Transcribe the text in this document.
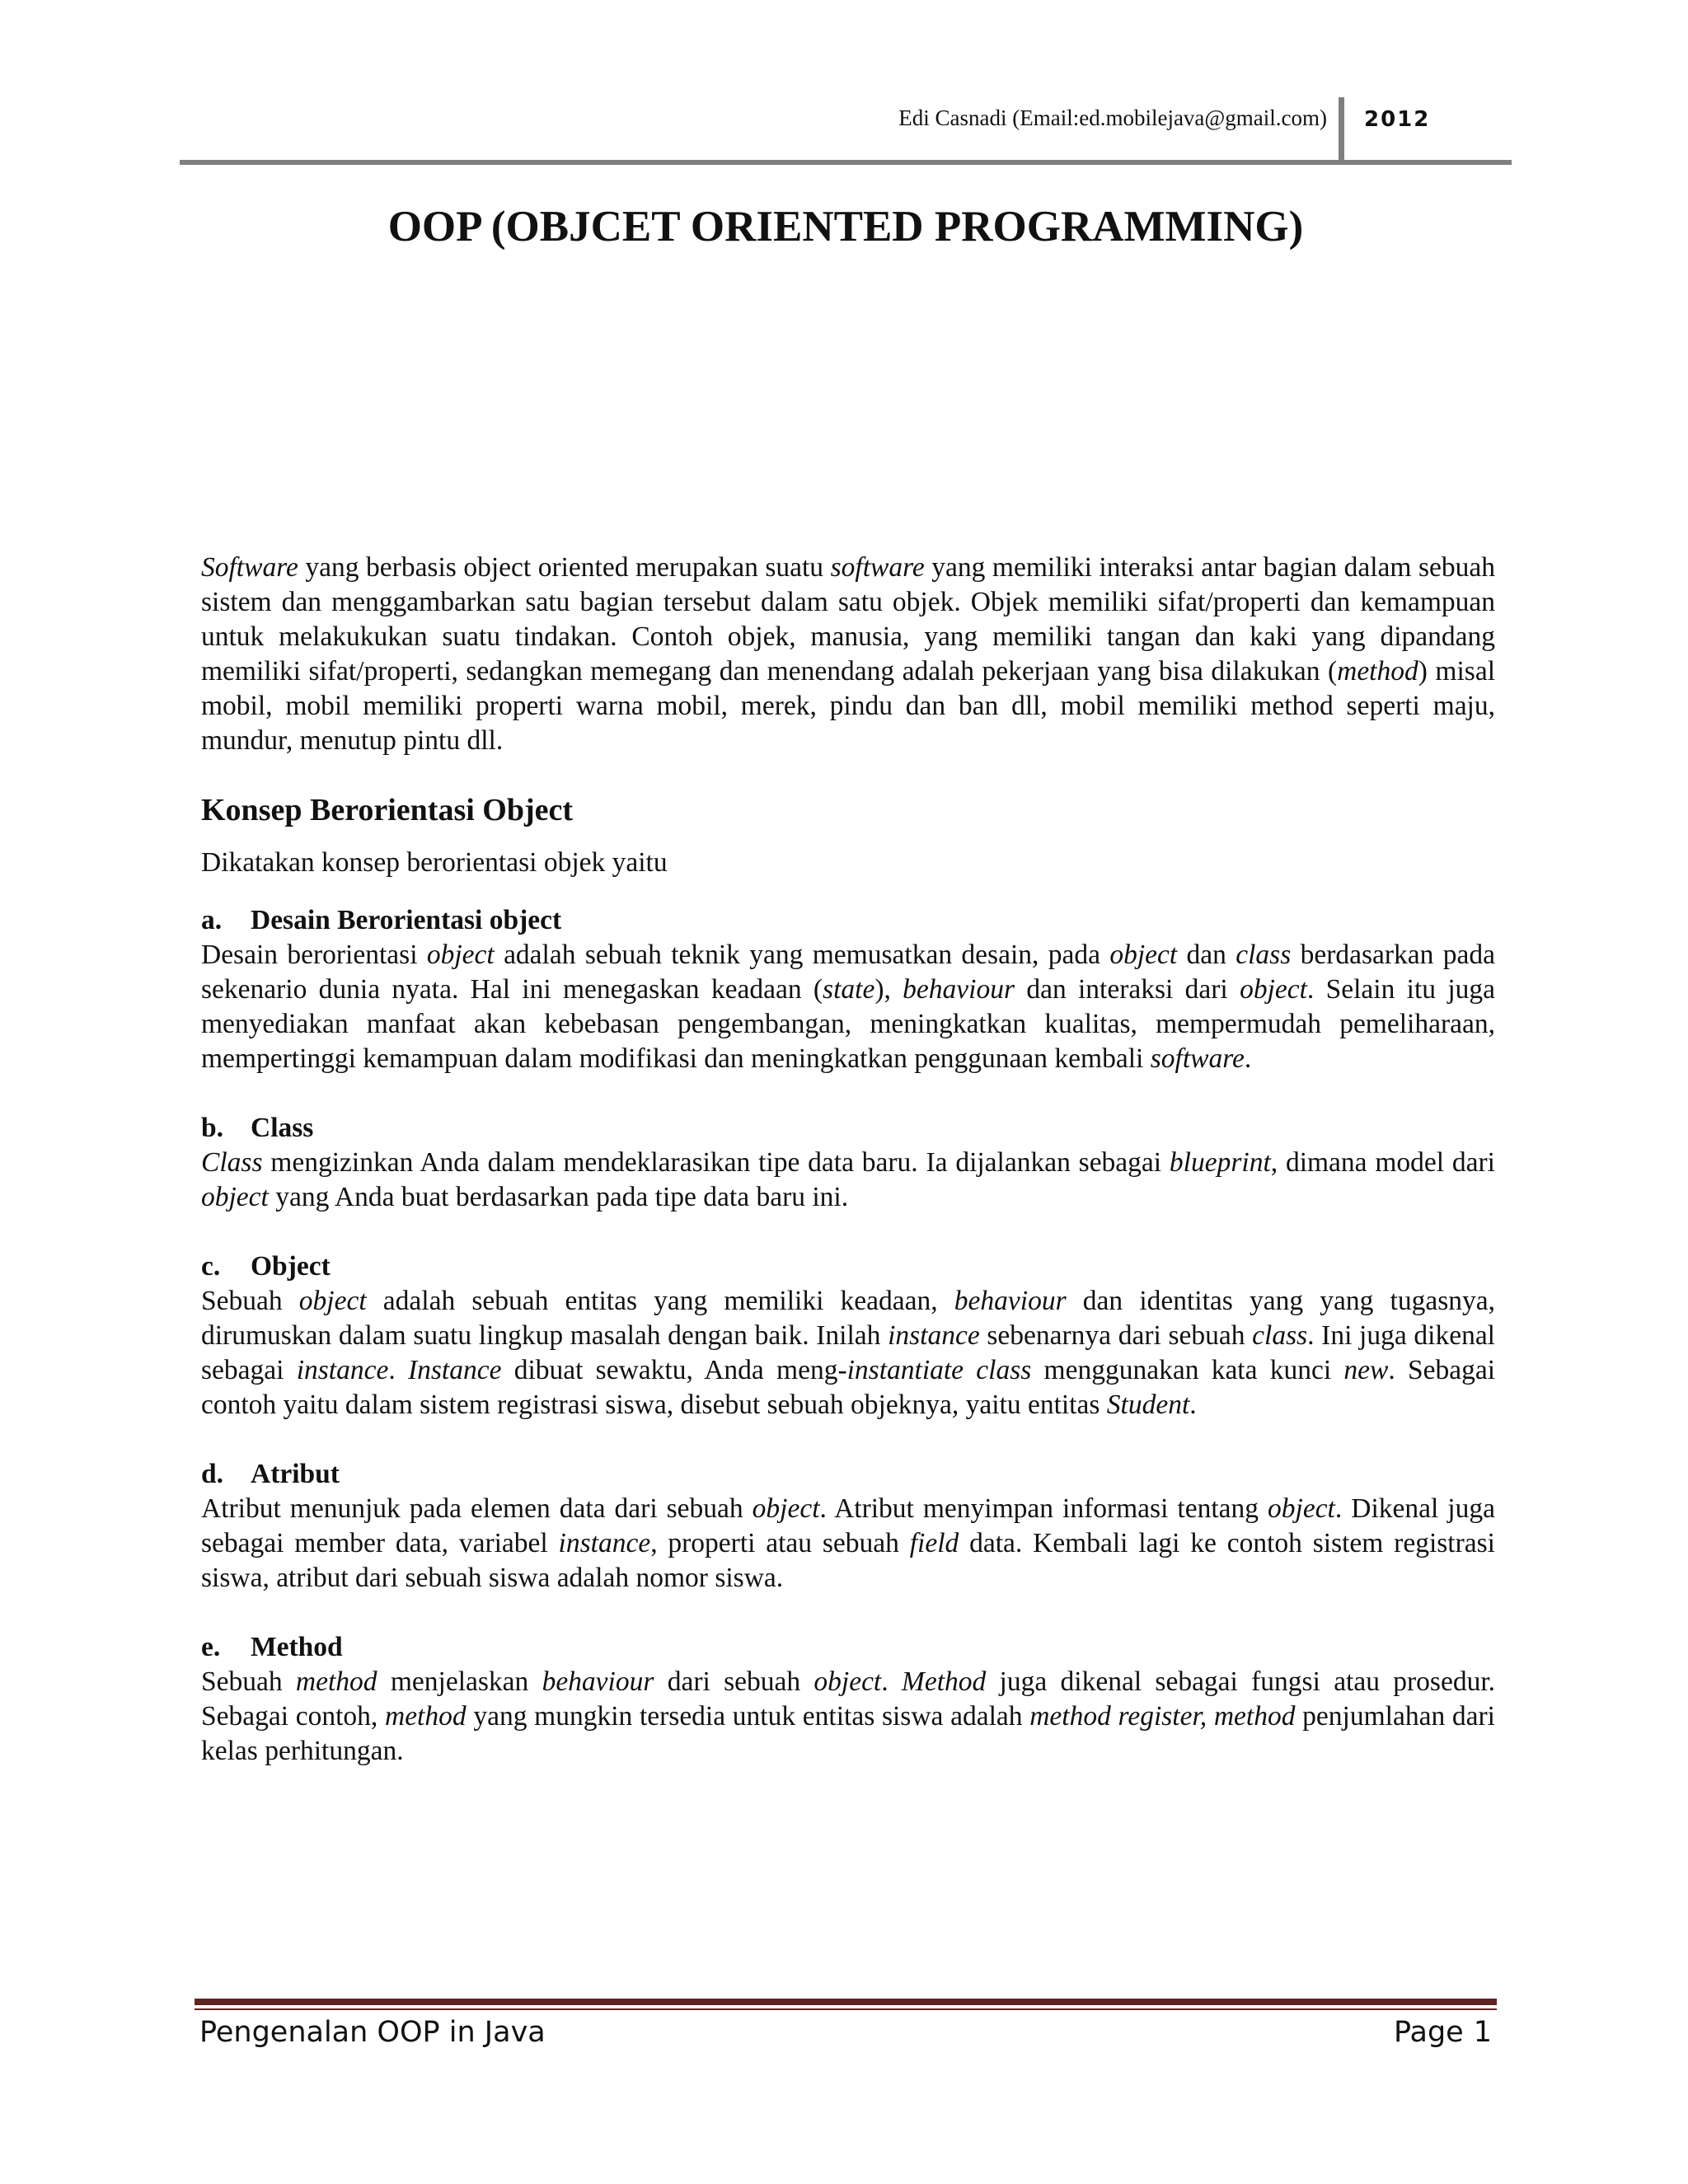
Edi Casnadi (Email:ed.mobilejava@gmail.com) 2012
OOP (OBJCET ORIENTED PROGRAMMING)

Software yang berbasis object oriented merupakan suatu software yang memiliki interaksi antar bagian dalam sebuah sistem dan menggambarkan satu bagian tersebut dalam satu objek. Objek memiliki sifat/properti dan kemampuan untuk melakukukan suatu tindakan. Contoh objek, manusia, yang memiliki tangan dan kaki yang dipandang memiliki sifat/properti, sedangkan memegang dan menendang adalah pekerjaan yang bisa dilakukan (method) misal mobil, mobil memiliki properti warna mobil, merek, pindu dan ban dll, mobil memiliki method seperti maju, mundur, menutup pintu dll.

Konsep Berorientasi Object

Dikatakan konsep berorientasi objek yaitu

a. Desain Berorientasi object

Desain berorientasi object adalah sebuah teknik yang memusatkan desain, pada object dan class berdasarkan pada sekenario dunia nyata. Hal ini menegaskan keadaan (state), behaviour dan interaksi dari object. Selain itu juga menyediakan manfaat akan kebebasan pengembangan, meningkatkan kualitas, mempermudah pemeliharaan, mempertinggi kemampuan dalam modifikasi dan meningkatkan penggunaan kembali software.

b. Class

Class mengizinkan Anda dalam mendeklarasikan tipe data baru. Ia dijalankan sebagai blueprint, dimana model dari object yang Anda buat berdasarkan pada tipe data baru ini.

c. Object

Sebuah object adalah sebuah entitas yang memiliki keadaan, behaviour dan identitas yang yang tugasnya, dirumuskan dalam suatu lingkup masalah dengan baik. Inilah instance sebenarnya dari sebuah class. Ini juga dikenal sebagai instance. Instance dibuat sewaktu, Anda meng-instantiate class menggunakan kata kunci new. Sebagai contoh yaitu dalam sistem registrasi siswa, disebut sebuah objeknya, yaitu entitas Student.

d. Atribut

Atribut menunjuk pada elemen data dari sebuah object. Atribut menyimpan informasi tentang object. Dikenal juga sebagai member data, variabel instance, properti atau sebuah field data. Kembali lagi ke contoh sistem registrasi siswa, atribut dari sebuah siswa adalah nomor siswa.

e. Method

Sebuah method menjelaskan behaviour dari sebuah object. Method juga dikenal sebagai fungsi atau prosedur. Sebagai contoh, method yang mungkin tersedia untuk entitas siswa adalah method register, method penjumlahan dari kelas perhitungan.

Pengenalan OOP in Java	Page 1
